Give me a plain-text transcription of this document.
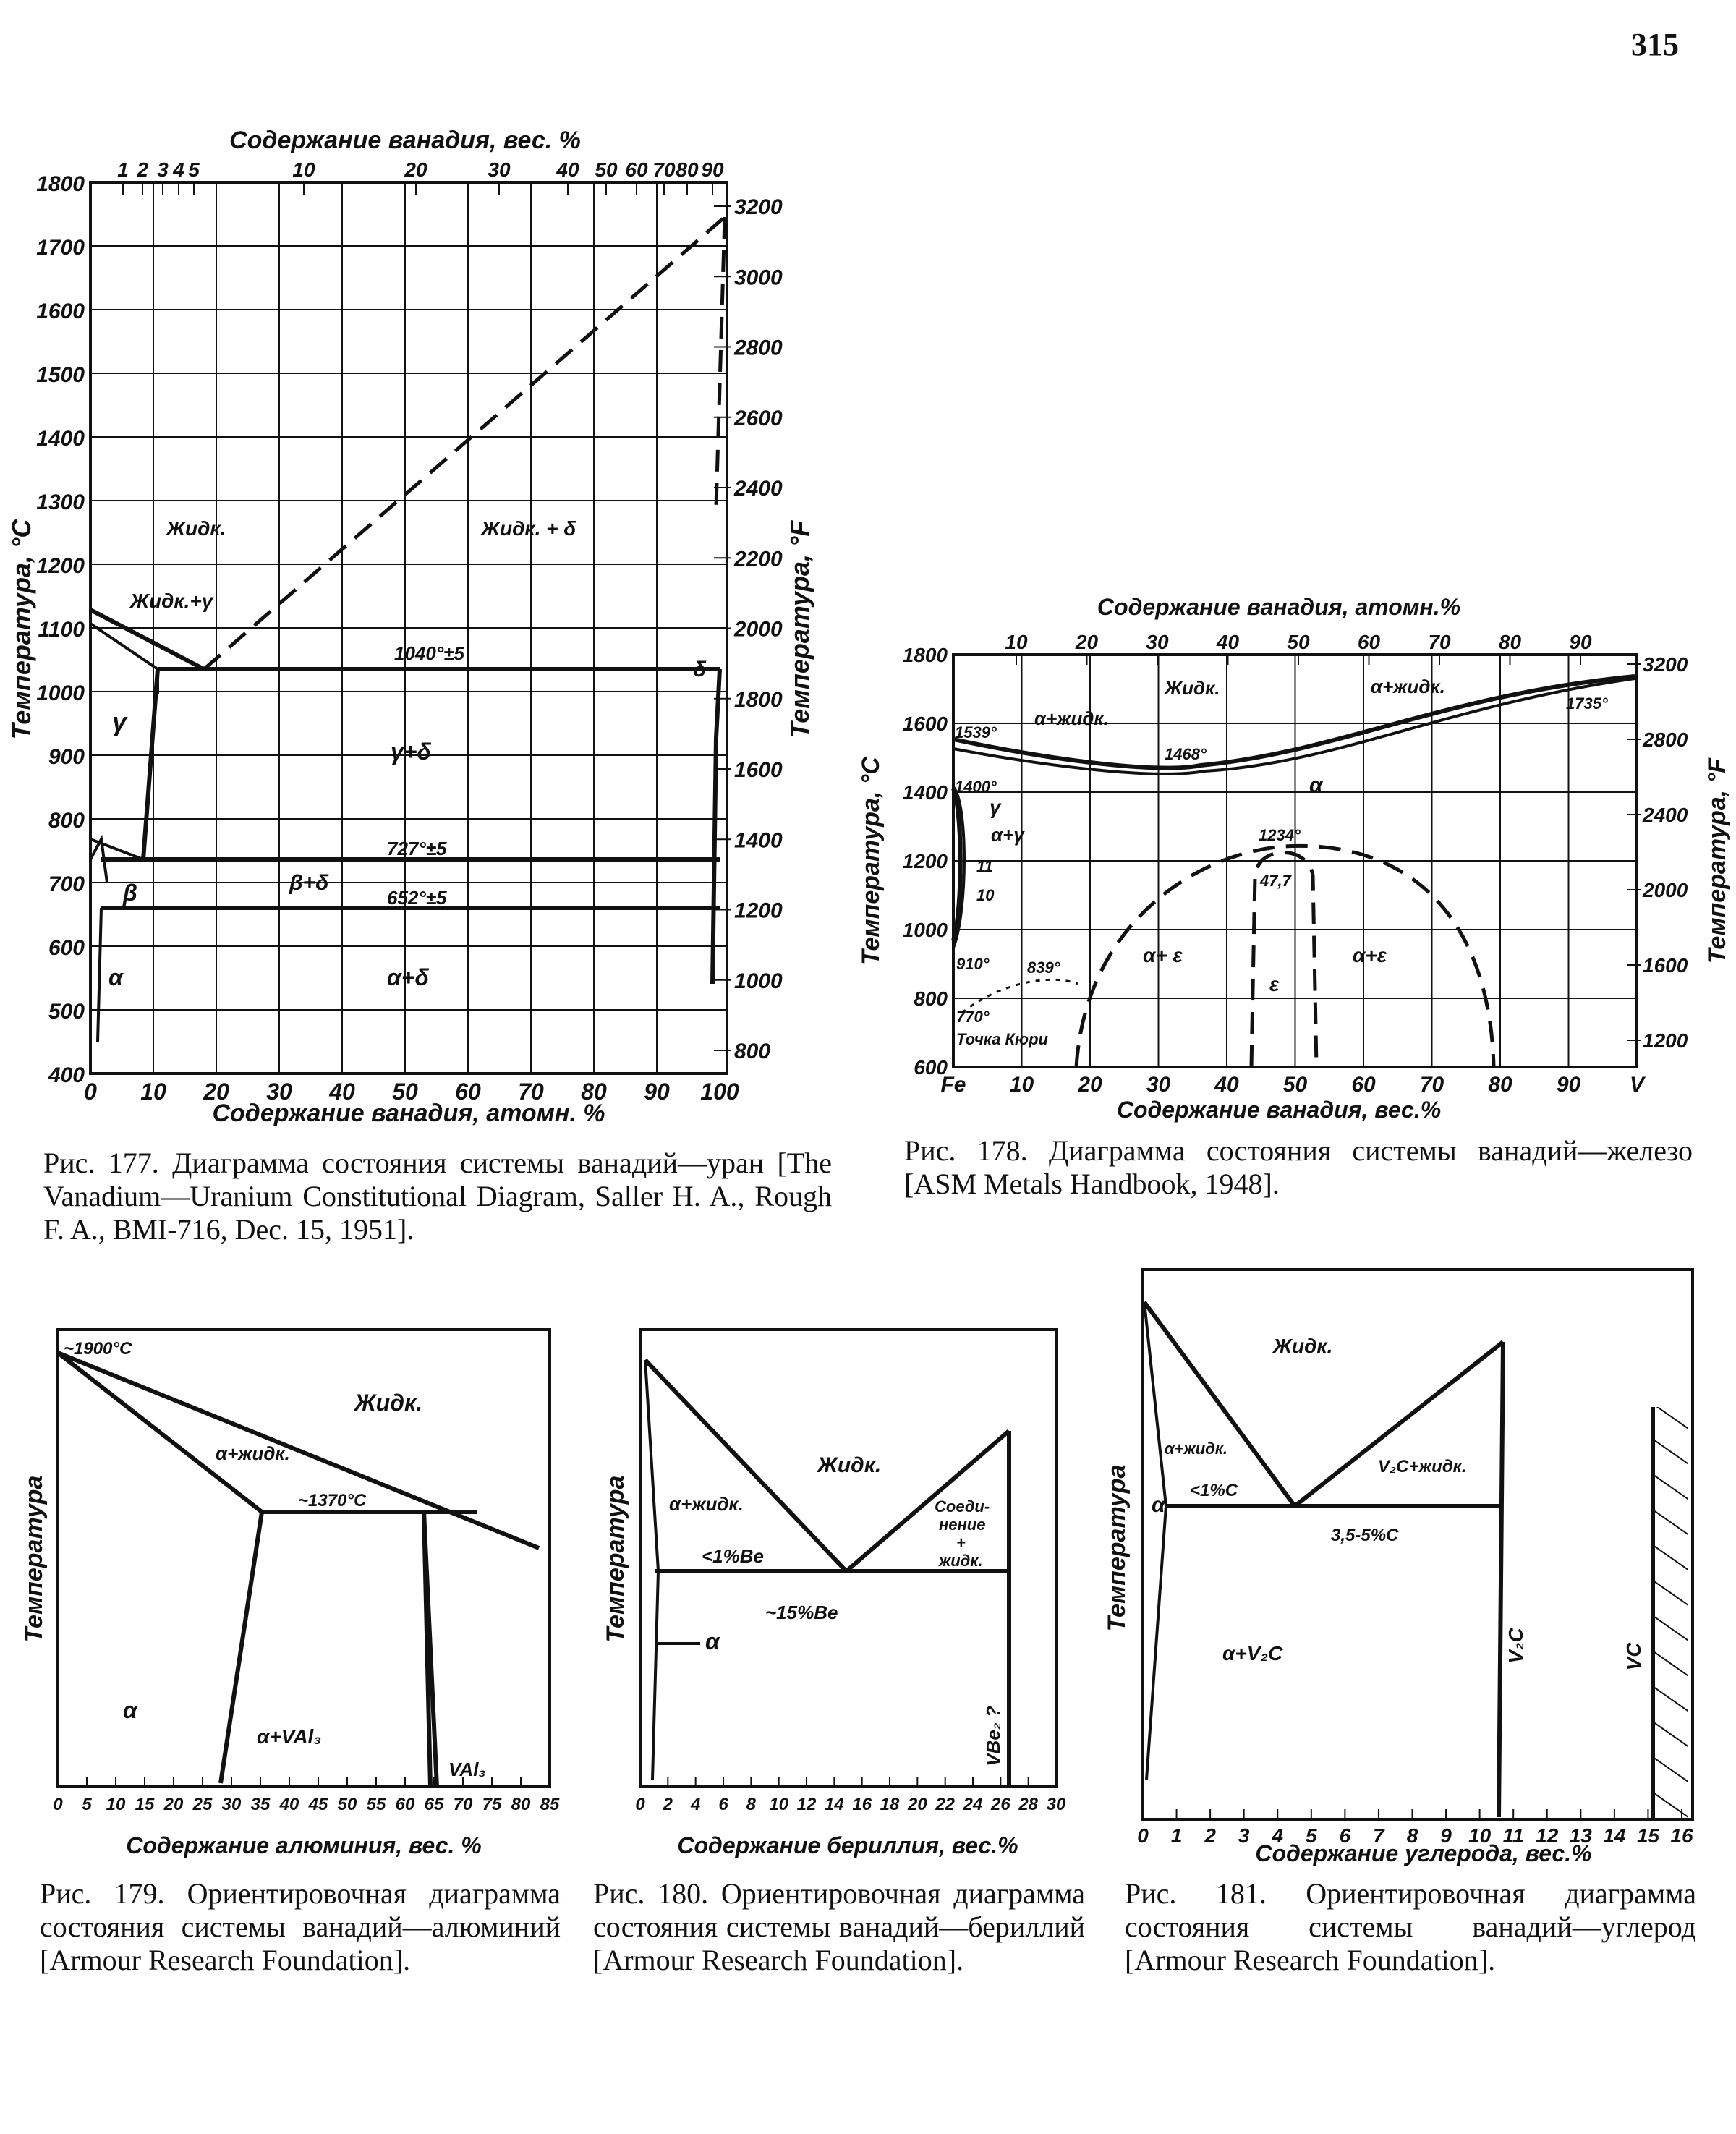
315
Содержание ванадия, вес. %
1 2 3 4 5	10	20	30 40 50 60 70 80 90
1800
1700
1600
1500
1400
1300
1200
1100
1000
900
800
700
600
500
400
3200
3000
2800
2600
2400
2200
2000
1800
1600
1400
1200
1000
800
0 10 20 30 40 50 60 70 80 90 100
Температура, °C	Температура, °F
Содержание ванадия, атомн. %
Жидк.	Жидк. + δ
Жидк.+γ
γ
γ+δ
β	β+δ
α	α+δ
δ
1040°±5
727°±5
652°±5
Содержание ванадия, атомн.%
10 20 30 40 50 60 70 80 90
1800
1600
1400
1200
1000
800
600
3200
2800
2400
2000
1600
1200
Fe 10 20 30 40 50 60 70 80 90 V
Температура, °C	Температура, °F
Содержание ванадия, вес.%
Жидк.
α+жидк.
α+жидк.
α
γ
α+γ
α+ ε	α+ε
ε
1539°
1468°
1735°
1400°
1234°
47,7
11
10
910° 839°
770°
Точка Кюри
0 5 10 15 20 25 30 35 40 45 50 55 60 65 70 75 80 85
Температура
Содержание алюминия, вес. %
~1900°C
Жидк.
α+жидк.
~1370°C
α
α+VAl₃
VAl₃
0 2 4 6 8 10 12 14 16 18 20 22 24 26 28 30
Температура
Содержание бериллия, вес.%
Жидк.
α+жидк.	Соеди-
нение
+
жидк.
<1%Be
~15%Be
α
VBe₂ ?
0 1 2 3 4 5 6 7 8 9 10 11 12 13 14 15 16
Температура
Содержание углерода, вес.%
Жидк.
α+жидк.
V₂C+жидк.
α
<1%C
3,5-5%C
α+V₂C	V₂C	VC
Рис. 177. Диаграмма состояния системы ванадий—уран [The Vanadium—Uranium Constitutional Diagram, Saller H. A., Rough F. A., BMI-716, Dec. 15, 1951].
Рис. 178. Диаграмма состояния системы ванадий—железо [ASM Metals Handbook, 1948].
Рис. 179. Ориентировочная диаграмма состояния системы ванадий—алюминий [Armour Research Foundation].
Рис. 180. Ориентировочная диаграмма состояния системы ванадий—бериллий [Armour Research Foundation].
Рис. 181. Ориентировочная диаграмма состояния системы ванадий—углерод [Armour Research Foundation].
